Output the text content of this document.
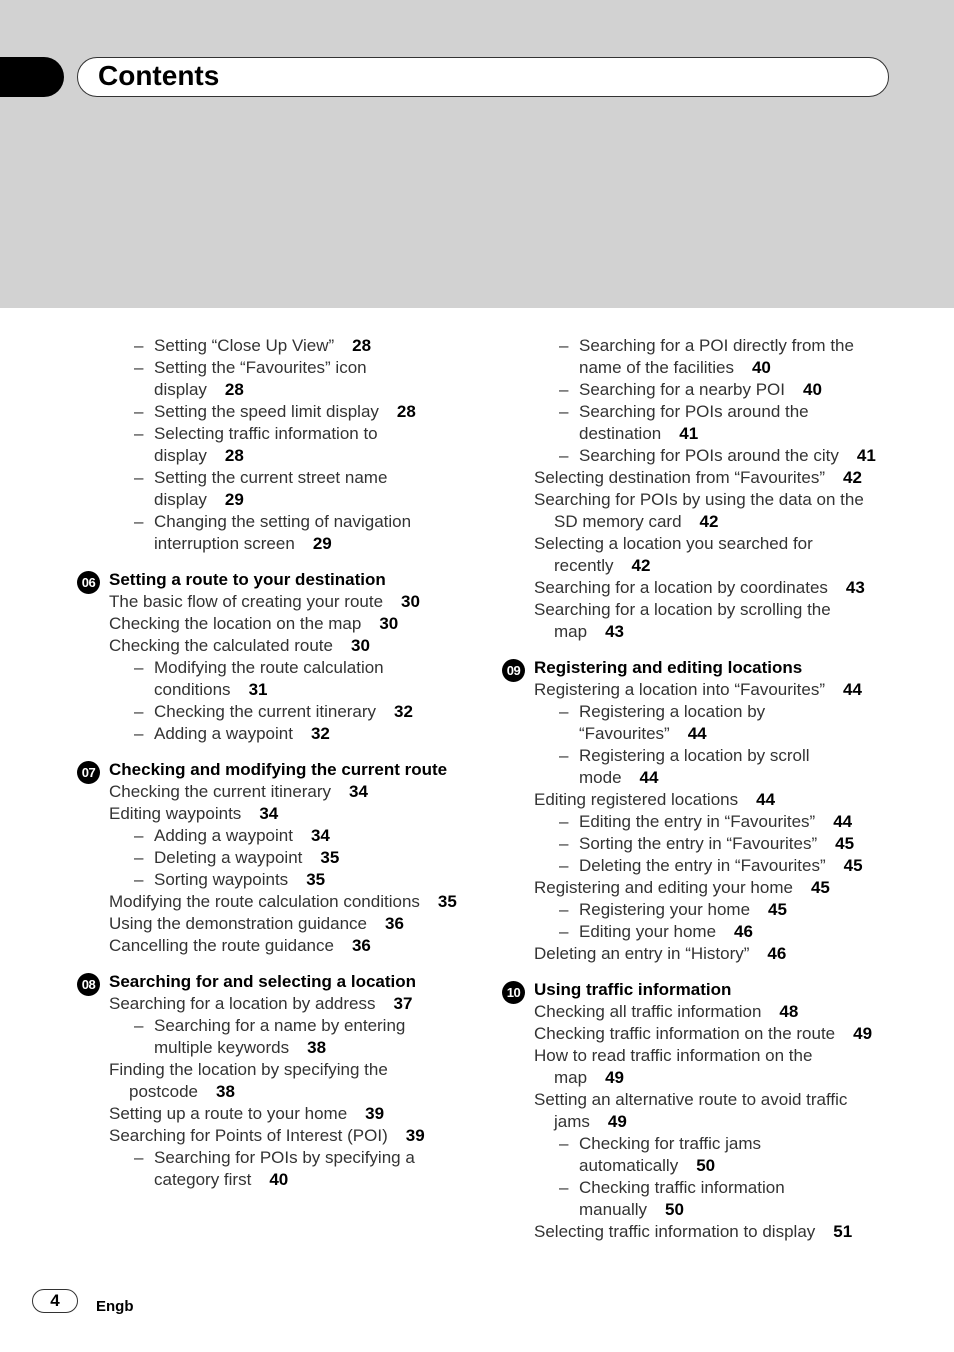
Contents
– Setting “Close Up View” 28
– Setting the “Favourites” icon display 28
– Setting the speed limit display 28
– Selecting traffic information to display 28
– Setting the current street name display 29
– Changing the setting of navigation interruption screen 29
06 Setting a route to your destination
The basic flow of creating your route 30
Checking the location on the map 30
Checking the calculated route 30
– Modifying the route calculation conditions 31
– Checking the current itinerary 32
– Adding a waypoint 32
07 Checking and modifying the current route
Checking the current itinerary 34
Editing waypoints 34
– Adding a waypoint 34
– Deleting a waypoint 35
– Sorting waypoints 35
Modifying the route calculation conditions 35
Using the demonstration guidance 36
Cancelling the route guidance 36
08 Searching for and selecting a location
Searching for a location by address 37
– Searching for a name by entering multiple keywords 38
Finding the location by specifying the postcode 38
Setting up a route to your home 39
Searching for Points of Interest (POI) 39
– Searching for POIs by specifying a category first 40
– Searching for a POI directly from the name of the facilities 40
– Searching for a nearby POI 40
– Searching for POIs around the destination 41
– Searching for POIs around the city 41
Selecting destination from “Favourites” 42
Searching for POIs by using the data on the SD memory card 42
Selecting a location you searched for recently 42
Searching for a location by coordinates 43
Searching for a location by scrolling the map 43
09 Registering and editing locations
Registering a location into “Favourites” 44
– Registering a location by “Favourites” 44
– Registering a location by scroll mode 44
Editing registered locations 44
– Editing the entry in “Favourites” 44
– Sorting the entry in “Favourites” 45
– Deleting the entry in “Favourites” 45
Registering and editing your home 45
– Registering your home 45
– Editing your home 46
Deleting an entry in “History” 46
10 Using traffic information
Checking all traffic information 48
Checking traffic information on the route 49
How to read traffic information on the map 49
Setting an alternative route to avoid traffic jams 49
– Checking for traffic jams automatically 50
– Checking traffic information manually 50
Selecting traffic information to display 51
4	Engb
